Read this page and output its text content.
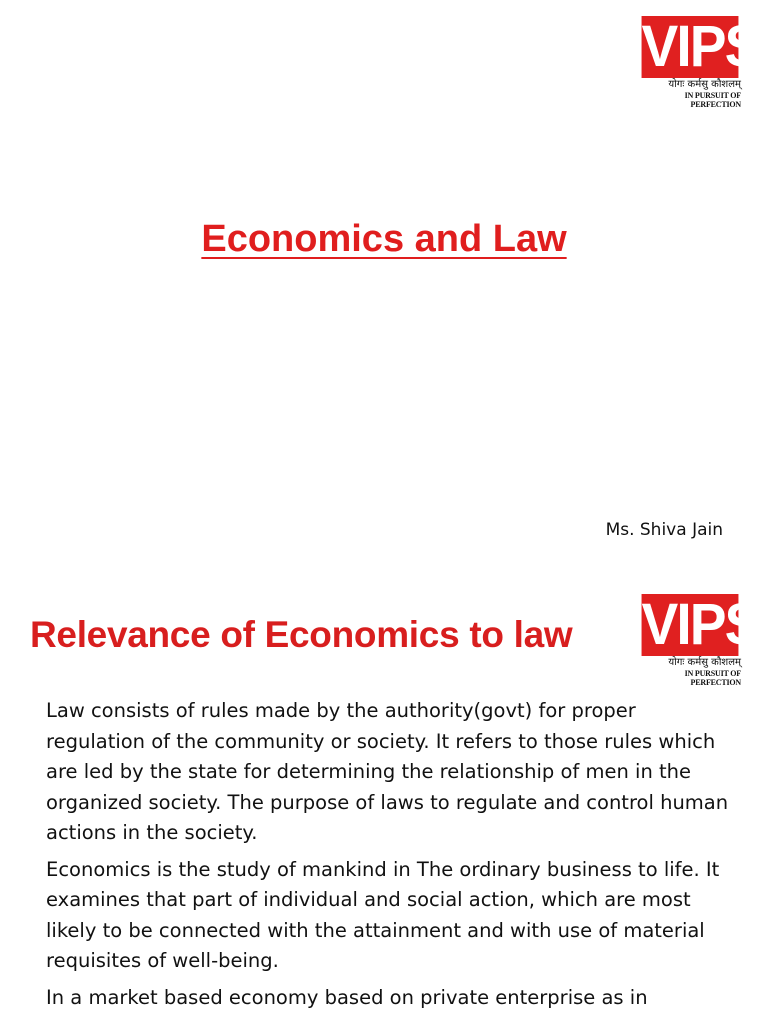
VIPS
योगः कर्मसु कौशलम्
IN PURSUIT OF PERFECTION
Economics and Law
Ms. Shiva Jain
VIPS
योगः कर्मसु कौशलम्
IN PURSUIT OF PERFECTION
Relevance of Economics to law

Law consists of rules made by the authority(govt) for proper regulation of the community or society. It refers to those rules which are led by the state for determining the relationship of men in the organized society. The purpose of laws to regulate and control human actions in the society.

Economics is the study of mankind in The ordinary business to life. It examines that part of individual and social action, which are most likely to be connected with the attainment and with use of material requisites of well-being.

In a market based economy based on private enterprise as in
